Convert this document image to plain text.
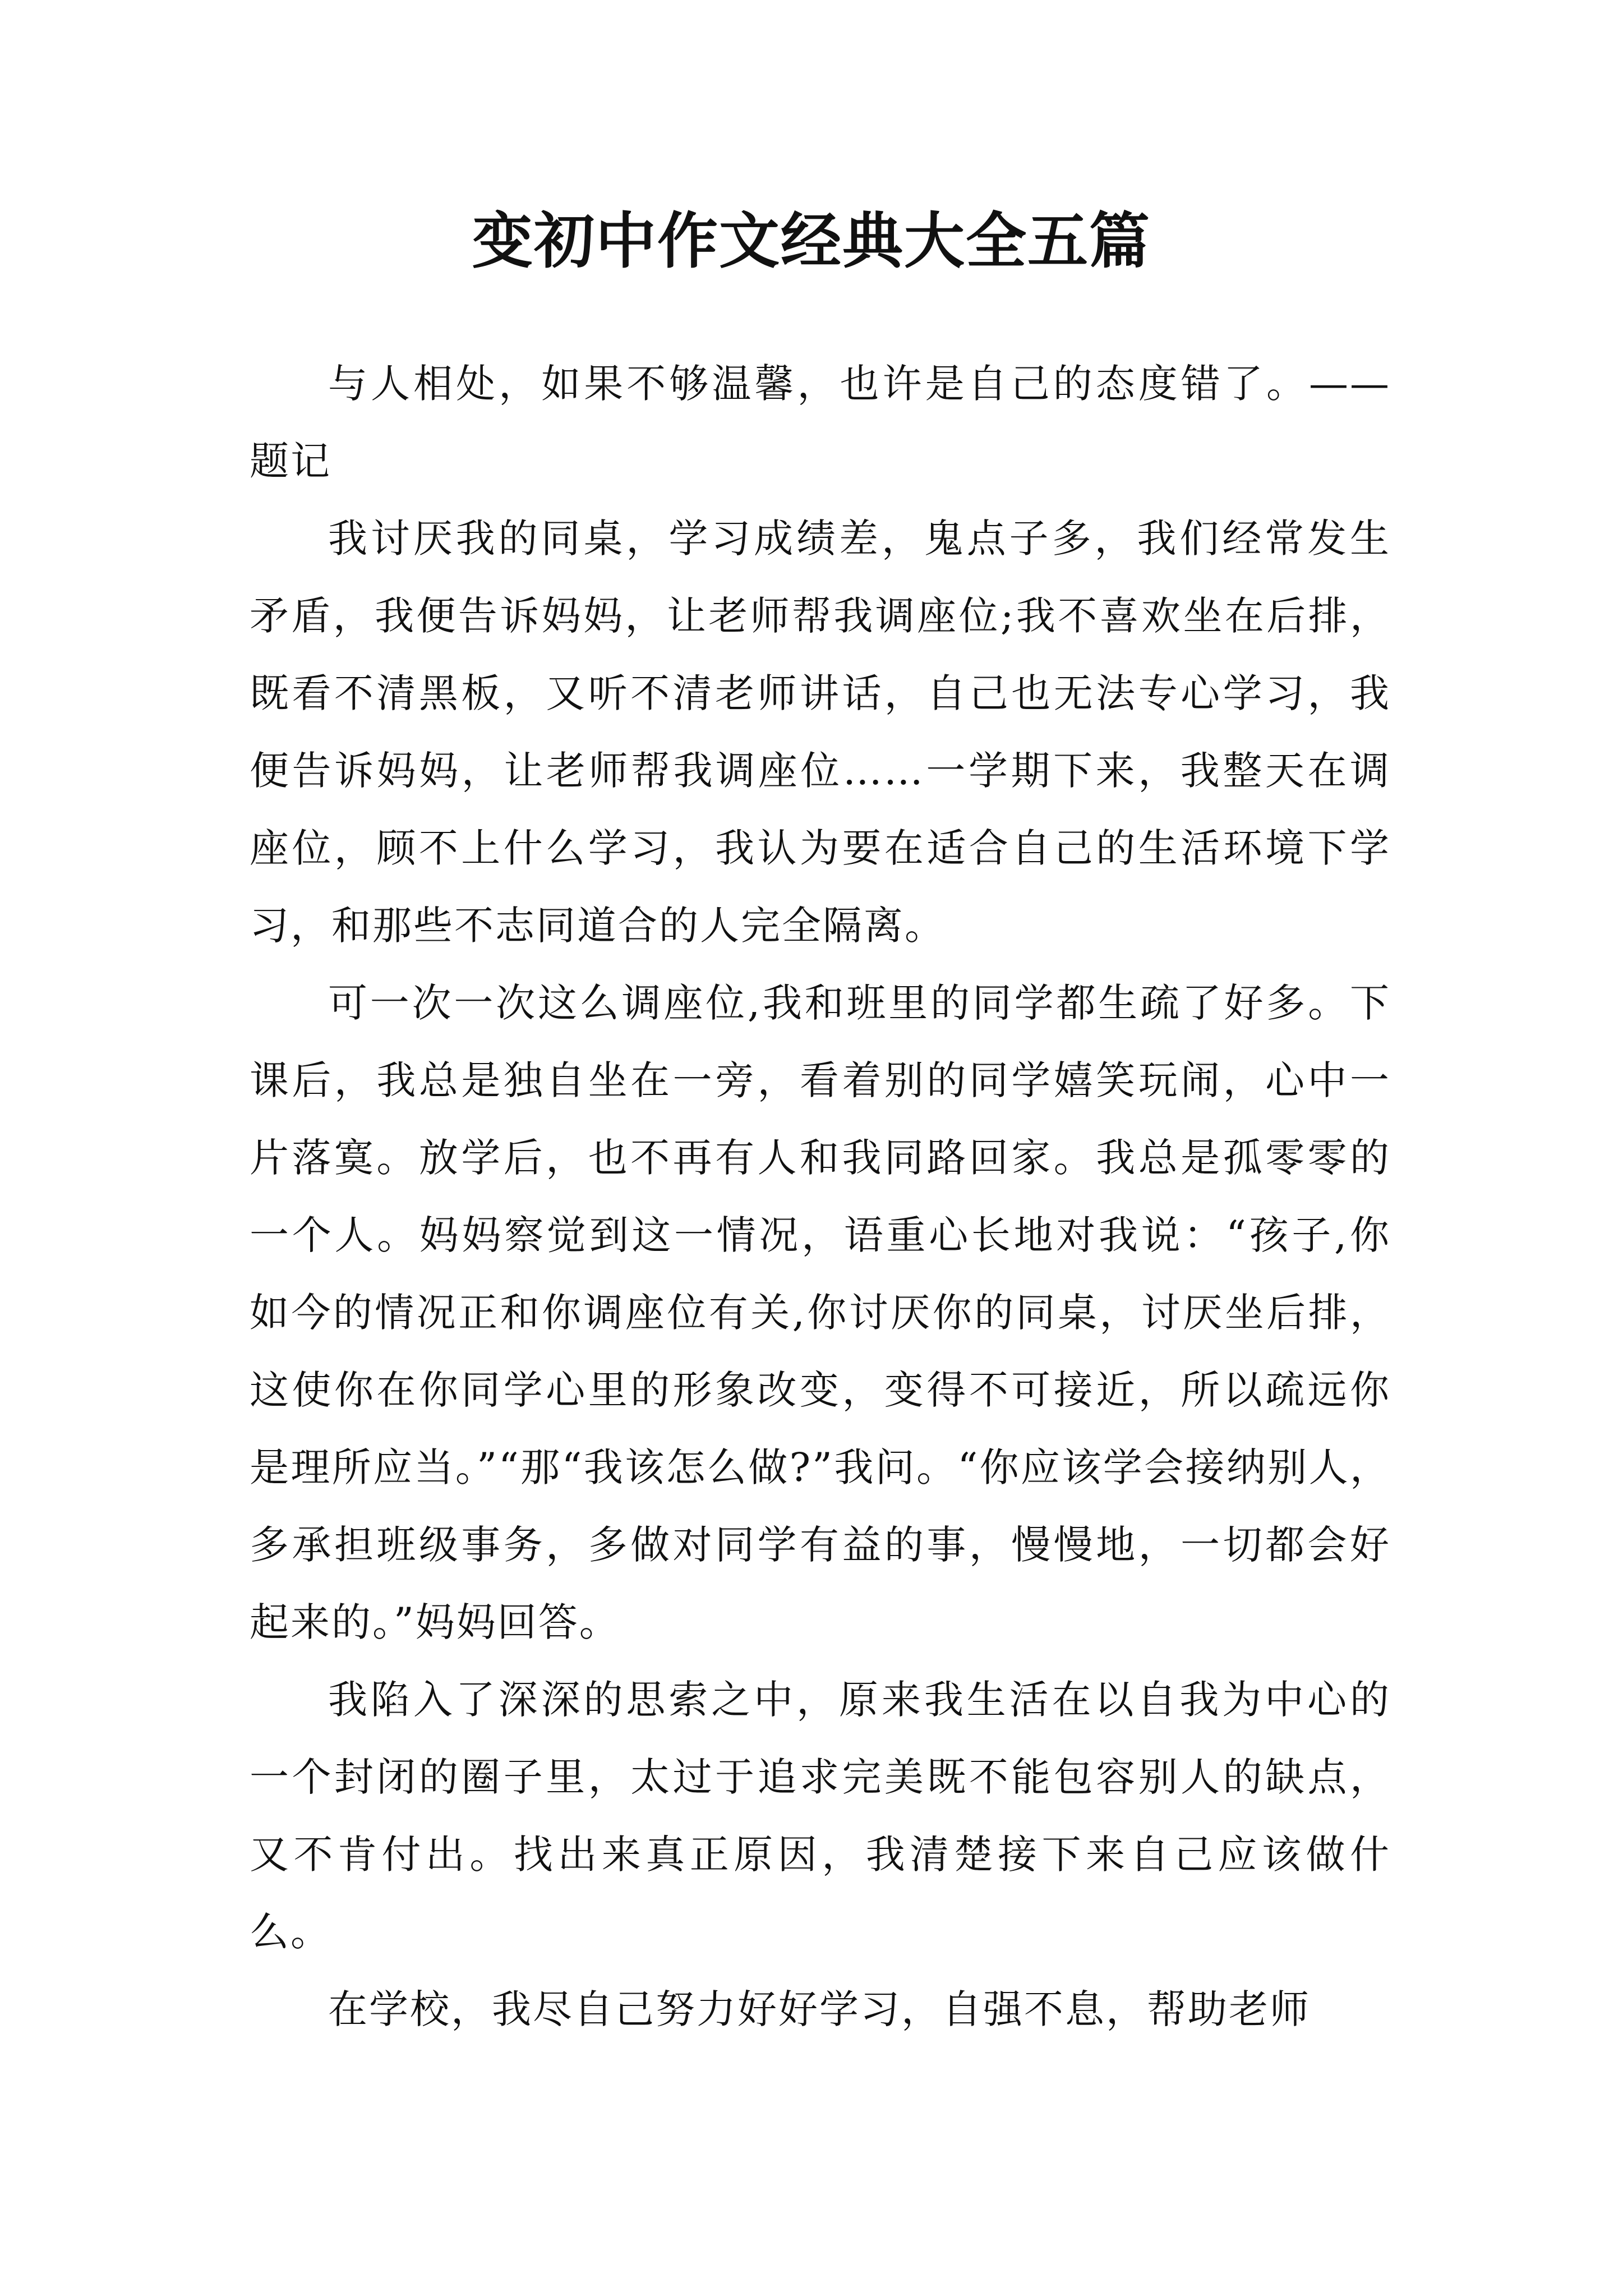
变初中作文经典大全五篇

与人相处，如果不够温馨，也许是自己的态度错了。——题记

我讨厌我的同桌，学习成绩差，鬼点子多，我们经常发生矛盾，我便告诉妈妈，让老师帮我调座位;我不喜欢坐在后排，既看不清黑板，又听不清老师讲话，自己也无法专心学习，我便告诉妈妈，让老师帮我调座位……一学期下来，我整天在调座位，顾不上什么学习，我认为要在适合自己的生活环境下学习，和那些不志同道合的人完全隔离。

可一次一次这么调座位,我和班里的同学都生疏了好多。下课后，我总是独自坐在一旁，看着别的同学嬉笑玩闹，心中一片落寞。放学后，也不再有人和我同路回家。我总是孤零零的一个人。妈妈察觉到这一情况，语重心长地对我说：“孩子,你如今的情况正和你调座位有关,你讨厌你的同桌，讨厌坐后排，这使你在你同学心里的形象改变，变得不可接近，所以疏远你是理所应当。”“那“我该怎么做?”我问。“你应该学会接纳别人，多承担班级事务，多做对同学有益的事，慢慢地，一切都会好起来的。”妈妈回答。

我陷入了深深的思索之中，原来我生活在以自我为中心的一个封闭的圈子里，太过于追求完美既不能包容别人的缺点，又不肯付出。找出来真正原因，我清楚接下来自己应该做什么。

在学校，我尽自己努力好好学习，自强不息，帮助老师
